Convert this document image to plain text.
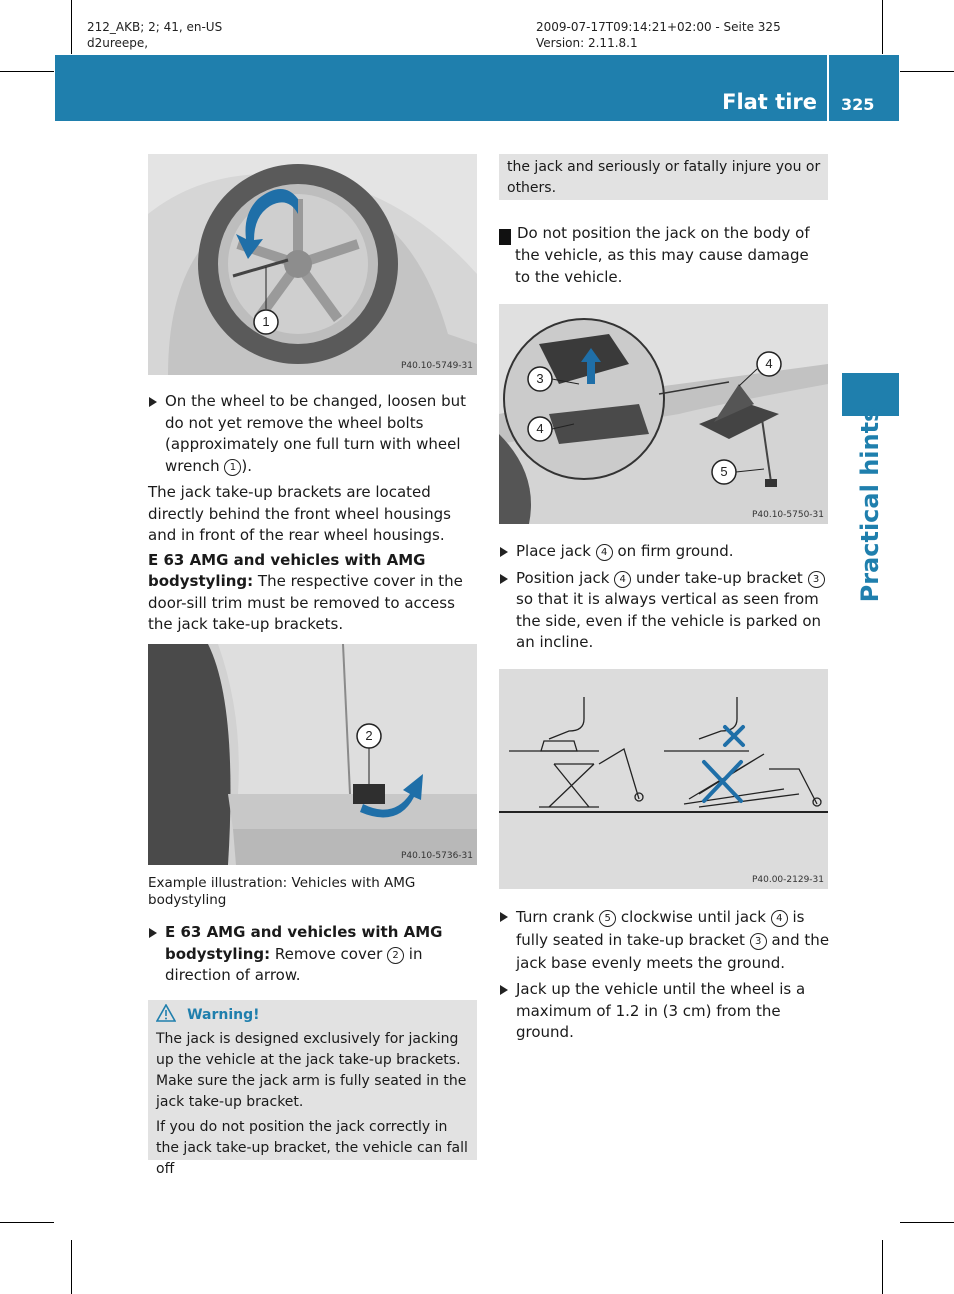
212_AKB; 2; 41, en-US
d2ureepe,
2009-07-17T09:14:21+02:00 - Seite 325
Version: 2.11.8.1
Flat tire 325
Practical hints
1
P40.10-5749-31

On the wheel to be changed, loosen but do not yet remove the wheel bolts (approximately one full turn with wheel wrench 1 ).

The jack take-up brackets are located directly behind the front wheel housings and in front of the rear wheel housings.

E 63 AMG and vehicles with AMG bodystyling: The respective cover in the door-sill trim must be removed to access the jack take-up brackets.

2
P40.10-5736-31
Example illustration: Vehicles with AMG bodystyling

E 63 AMG and vehicles with AMG bodystyling: Remove cover 2 in direction of arrow.

Warning!

The jack is designed exclusively for jacking up the vehicle at the jack take-up brackets. Make sure the jack arm is fully seated in the jack take-up bracket.

If you do not position the jack correctly in the jack take-up bracket, the vehicle can fall off

the jack and seriously or fatally injure you or others.

! Do not position the jack on the body of the vehicle, as this may cause damage to the vehicle.

3
4
4
5
P40.10-5750-31

Place jack 4 on firm ground.

Position jack 4 under take-up bracket 3 so that it is always vertical as seen from the side, even if the vehicle is parked on an incline.

P40.00-2129-31

Turn crank 5 clockwise until jack 4 is fully seated in take-up bracket 3 and the jack base evenly meets the ground.

Jack up the vehicle until the wheel is a maximum of 1.2 in (3 cm) from the ground.
